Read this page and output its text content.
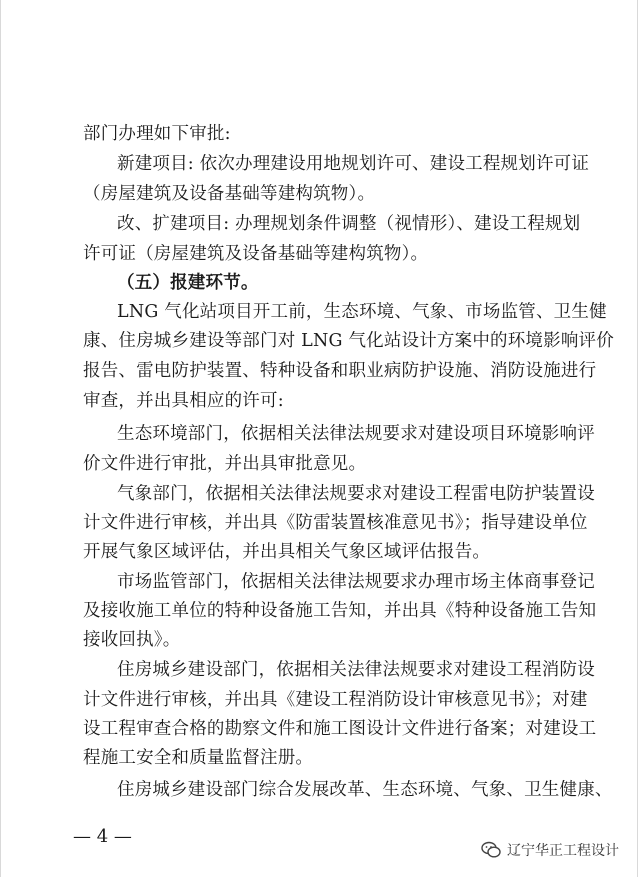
部门办理如下审批:
新建项目: 依次办理建设用地规划许可、建设工程规划许可证
（房屋建筑及设备基础等建构筑物）。
改、扩建项目: 办理规划条件调整（视情形）、建设工程规划
许可证（房屋建筑及设备基础等建构筑物）。
（五）报建环节。
LNG 气化站项目开工前，生态环境、气象、市场监管、卫生健
康、住房城乡建设等部门对 LNG 气化站设计方案中的环境影响评价
报告、雷电防护装置、特种设备和职业病防护设施、消防设施进行
审查，并出具相应的许可:
生态环境部门，依据相关法律法规要求对建设项目环境影响评
价文件进行审批，并出具审批意见。
气象部门，依据相关法律法规要求对建设工程雷电防护装置设
计文件进行审核，并出具《防雷装置核准意见书》；指导建设单位
开展气象区域评估，并出具相关气象区域评估报告。
市场监管部门，依据相关法律法规要求办理市场主体商事登记
及接收施工单位的特种设备施工告知，并出具《特种设备施工告知
接收回执》。
住房城乡建设部门，依据相关法律法规要求对建设工程消防设
计文件进行审核，并出具《建设工程消防设计审核意见书》；对建
设工程审查合格的勘察文件和施工图设计文件进行备案；对建设工
程施工安全和质量监督注册。
住房城乡建设部门综合发展改革、生态环境、气象、卫生健康、
— 4 —
辽宁华正工程设计
